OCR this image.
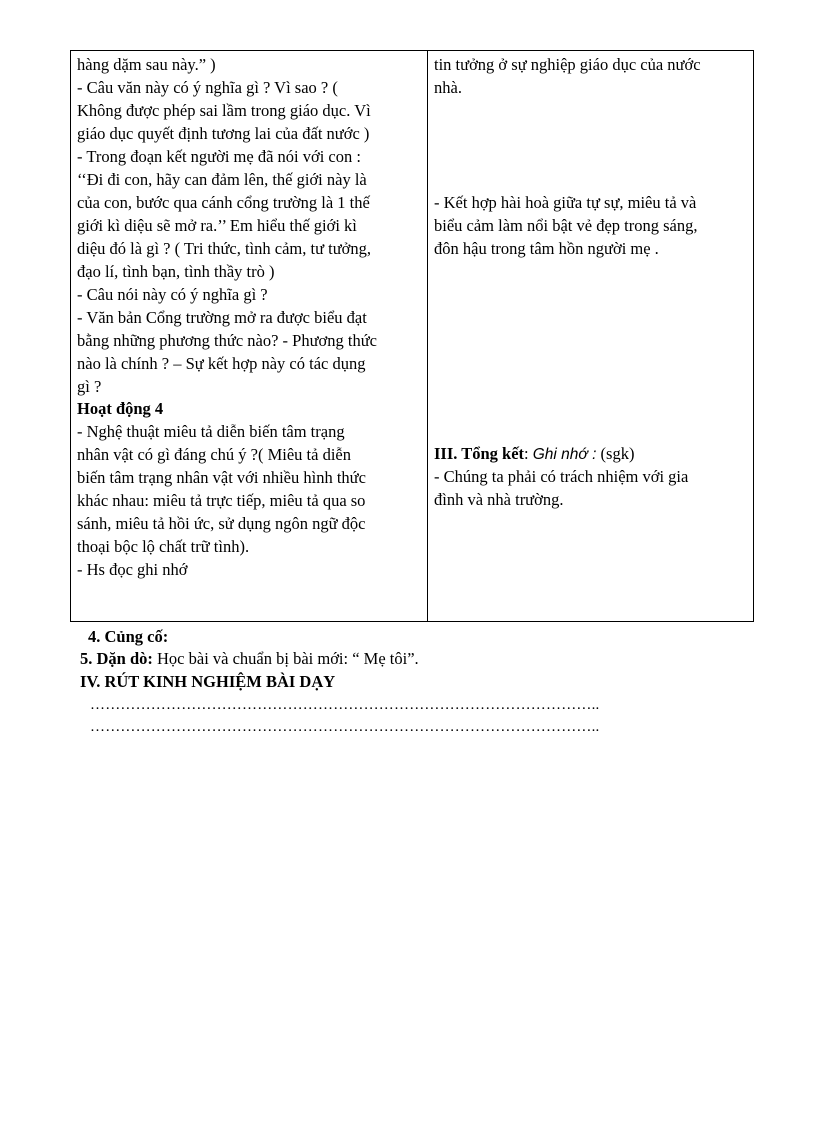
hàng dặm sau này.” )
- Câu văn này có ý nghĩa gì ? Vì sao ? (
Không được phép sai lầm trong giáo dục. Vì
giáo dục quyết định tương lai của đất nước )
- Trong đoạn kết người mẹ đã nói với con :
‘‘Đi đi con, hãy can đảm lên, thế giới này là
của con, bước qua cánh cổng trường là 1 thế
giới kì diệu sẽ mở ra.’’ Em hiểu thế giới kì
diệu đó là gì ? ( Tri thức, tình cảm, tư tưởng,
đạo lí, tình bạn, tình thầy trò )
- Câu nói này có ý nghĩa gì ?
- Văn bản Cổng trường mở ra được biểu đạt
bằng những phương thức nào? - Phương thức
nào là chính ? – Sự kết hợp này có tác dụng
gì ?
Hoạt động 4
- Nghệ thuật miêu tả diễn biến tâm trạng
nhân vật có gì đáng chú ý ?( Miêu tả diễn
biến tâm trạng nhân vật với nhiều hình thức
khác nhau: miêu tả trực tiếp, miêu tả qua so
sánh, miêu tả hồi ức, sử dụng ngôn ngữ độc
thoại bộc lộ chất trữ tình).
- Hs đọc ghi nhớ
tin tưởng ở sự nghiệp giáo dục của nước
nhà.
- Kết hợp hài hoà giữa tự sự, miêu tả và
biểu cảm làm nổi bật vẻ đẹp trong sáng,
đôn hậu trong tâm hồn người mẹ .
III. Tổng kết: Ghi nhớ : (sgk)
- Chúng ta phải có trách nhiệm với gia
đình và nhà trường.
4. Củng cố:
5. Dặn dò: Học bài và chuẩn bị bài mới: “ Mẹ tôi”.
IV. RÚT KINH NGHIỆM BÀI DẠY
………………………………………………………………………………………..
………………………………………………………………………………………..
